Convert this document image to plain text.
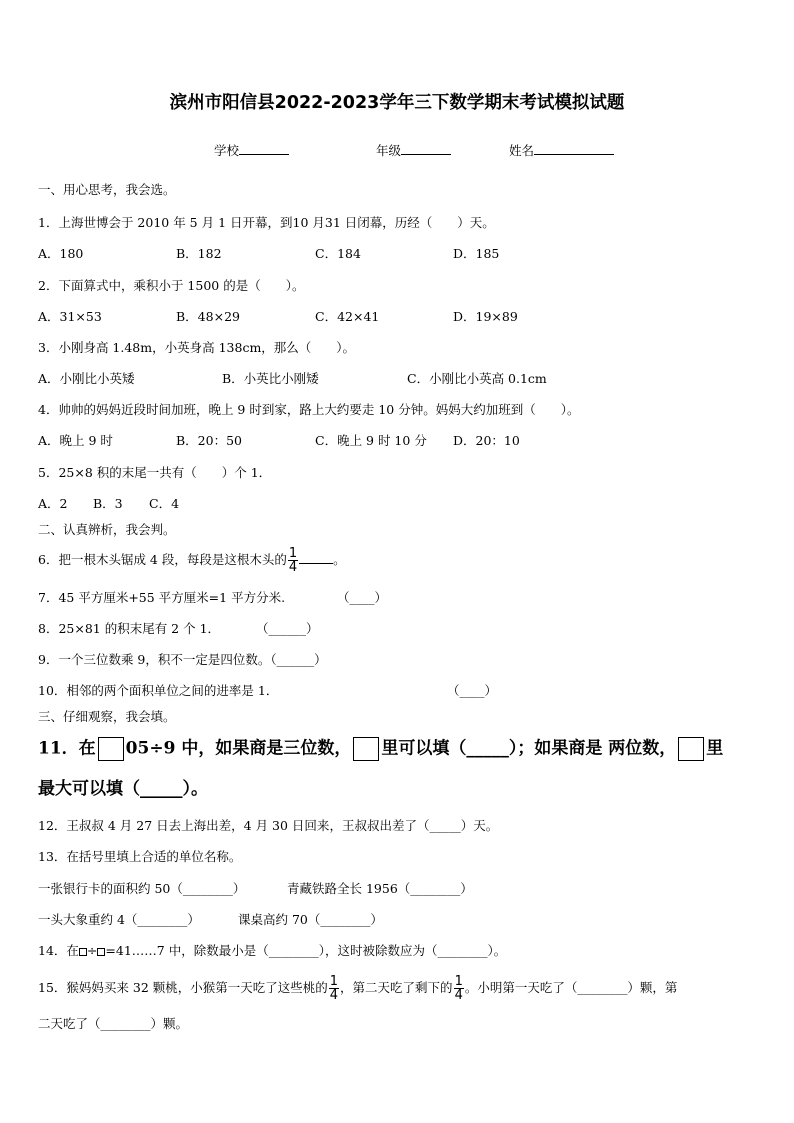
滨州市阳信县2022-2023学年三下数学期末考试模拟试题
学校	年级	姓名
一、用心思考，我会选。
1．上海世博会于 2010 年 5 月 1 日开幕，到10 月31 日闭幕，历经（　　）天。
A．180	B．182	C．184	D．185
2．下面算式中，乘积小于 1500 的是（　　）。
A．31×53	B．48×29	C．42×41	D．19×89
3．小刚身高 1.48m，小英身高 138cm，那么（　　）。
A．小刚比小英矮	B．小英比小刚矮	C．小刚比小英高 0.1cm
4．帅帅的妈妈近段时间加班，晚上 9 时到家，路上大约要走 10 分钟。妈妈大约加班到（　　）。
A．晚上 9 时	B．20：50	C．晚上 9 时 10 分 D．20：10
5．25×8 积的末尾一共有（　　）个 1．
A．2 B．3 C．4
二、认真辨析，我会判。
6．把一根木头锯成 4 段，每段是这根木头的 $\frac{1}{4}$	。
7．45 平方厘米+55 平方厘米=1 平方分米.	（____）
8．25×81 的积末尾有 2 个 1．	（______）
9．一个三位数乘 9，积不一定是四位数。（______）
10．相邻的两个面积单位之间的进率是 1．	（____）
三、仔细观察，我会填。
11．在 05÷9 中，如果商是三位数， 里可以填（_____）；如果商是 两位数， 里
最大可以填（_____）。
12．王叔叔 4 月 27 日去上海出差，4 月 30 日回来，王叔叔出差了（_____）天。
13．在括号里填上合适的单位名称。
一张银行卡的面积约 50（________）	青藏铁路全长 1956（________）
一头大象重约 4（________）	课桌高约 70（________）
14．在 ÷ =41……7 中，除数最小是（________），这时被除数应为（________）。
15．猴妈妈买来 32 颗桃，小猴第一天吃了这些桃的 $\frac{1}{4}$ ，第二天吃了剩下的 $\frac{1}{4}$ 。小明第一天吃了（________）颗，第
二天吃了（________）颗。
